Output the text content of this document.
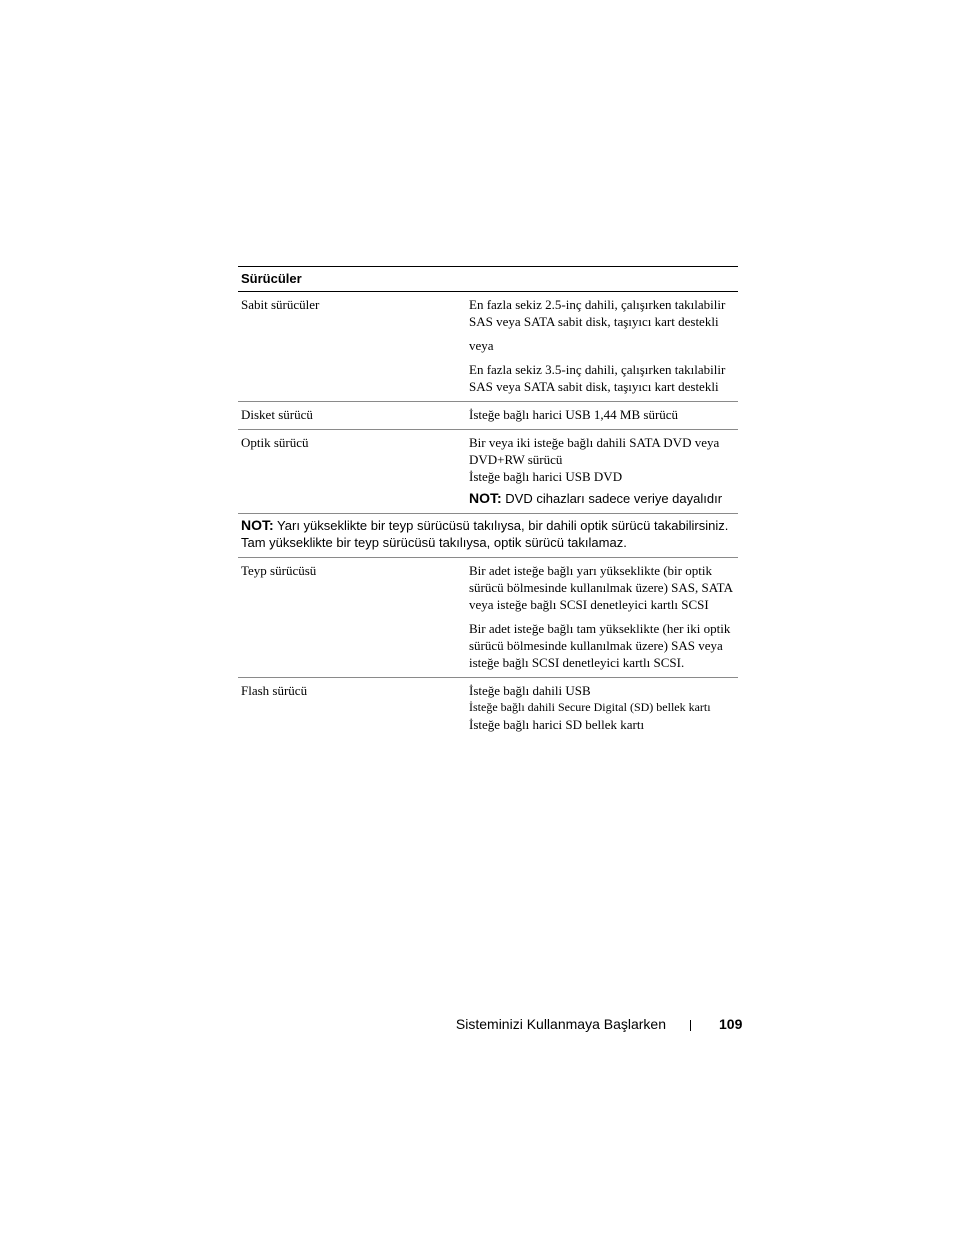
Sürücüler
Sabit sürücüler	En fazla sekiz 2.5-inç dahili, çalışırken takılabilir SAS veya SATA sabit disk, taşıyıcı kart destekli

veya

En fazla sekiz 3.5-inç dahili, çalışırken takılabilir SAS veya SATA sabit disk, taşıyıcı kart destekli

Disket sürücü	İsteğe bağlı harici USB 1,44 MB sürücü

Optik sürücü	Bir veya iki isteğe bağlı dahili SATA DVD veya DVD+RW sürücü

İsteğe bağlı harici USB DVD

NOT: DVD cihazları sadece veriye dayalıdır

NOT: Yarı yükseklikte bir teyp sürücüsü takılıysa, bir dahili optik sürücü takabilirsiniz. Tam yükseklikte bir teyp sürücüsü takılıysa, optik sürücü takılamaz.
Teyp sürücüsü	Bir adet isteğe bağlı yarı yükseklikte (bir optik sürücü bölmesinde kullanılmak üzere) SAS, SATA veya isteğe bağlı SCSI denetleyici kartlı SCSI

Bir adet isteğe bağlı tam yükseklikte (her iki optik sürücü bölmesinde kullanılmak üzere) SAS veya isteğe bağlı SCSI denetleyici kartlı SCSI.

Flash sürücü	İsteğe bağlı dahili USB

İsteğe bağlı dahili Secure Digital (SD) bellek kartı

İsteğe bağlı harici SD bellek kartı

Sisteminizi Kullanmaya Başlarken	109
